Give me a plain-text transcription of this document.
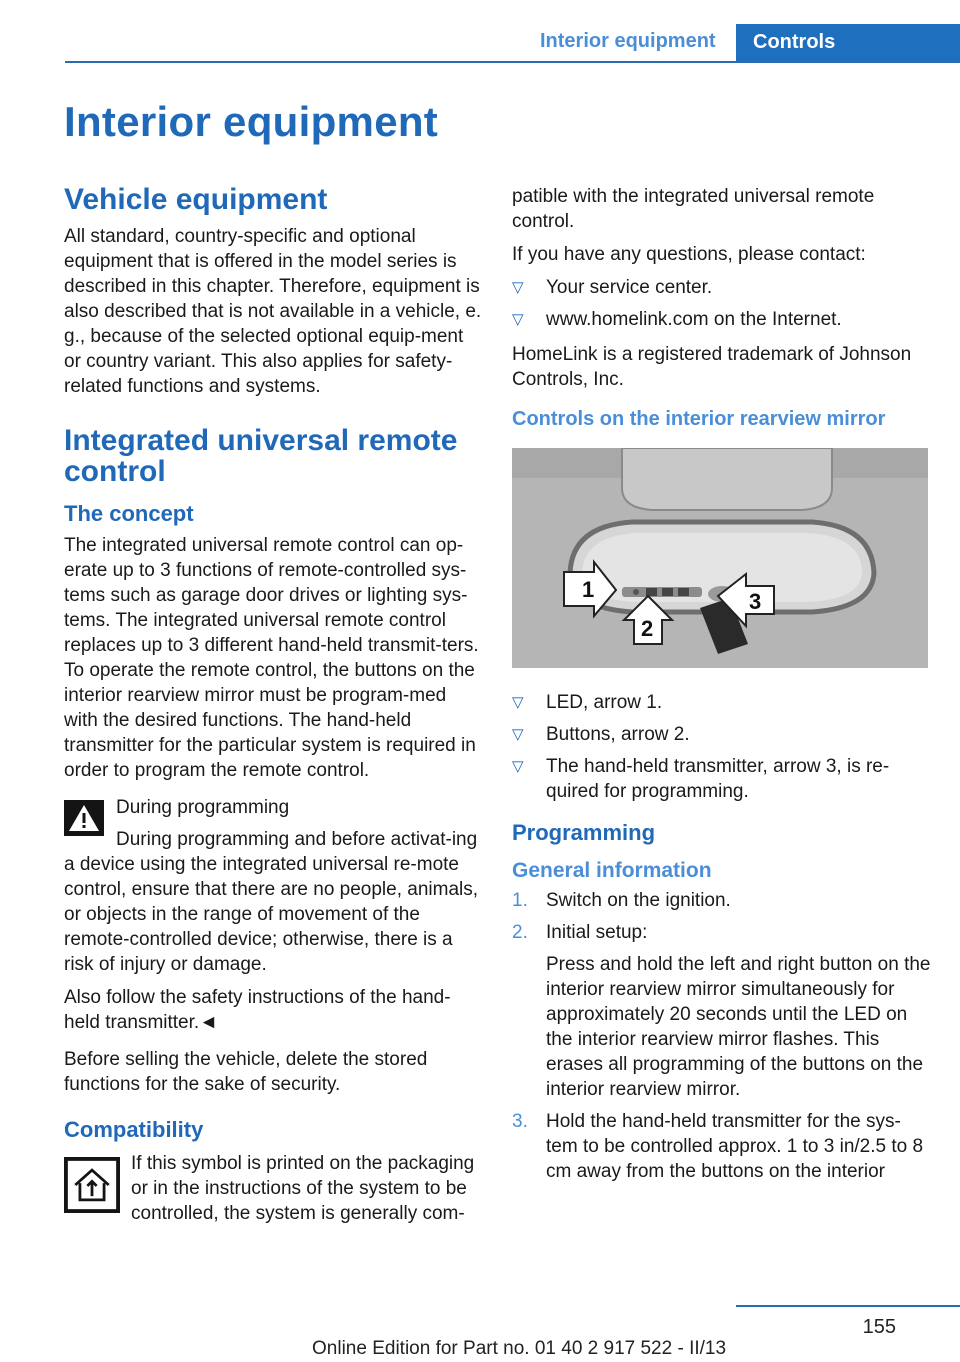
Interior equipment	Controls
Interior equipment
Vehicle equipment

All standard, country-specific and optional equipment that is offered in the model series is described in this chapter. Therefore, equipment is also described that is not available in a vehicle, e. g., because of the selected optional equip-ment or country variant. This also applies for safety-related functions and systems.

Integrated universal remote control
The concept

The integrated universal remote control can op-erate up to 3 functions of remote-controlled sys-tems such as garage door drives or lighting sys-tems. The integrated universal remote control replaces up to 3 different hand-held transmit-ters. To operate the remote control, the buttons on the interior rearview mirror must be program-med with the desired functions. The hand-held transmitter for the particular system is required in order to program the remote control.

During programming

During programming and before activat-ing a device using the integrated universal re-mote control, ensure that there are no people, animals, or objects in the range of movement of the remote-controlled device; otherwise, there is a risk of injury or damage.

Also follow the safety instructions of the hand-held transmitter.◄

Before selling the vehicle, delete the stored functions for the sake of security.

Compatibility

If this symbol is printed on the packaging or in the instructions of the system to be controlled, the system is generally com-

patible with the integrated universal remote control.

If you have any questions, please contact:

▽ Your service center.
▽ www.homelink.com on the Internet.

HomeLink is a registered trademark of Johnson Controls, Inc.

Controls on the interior rearview mirror
1
2
3
▽ LED, arrow 1.
▽ Buttons, arrow 2.
▽ The hand-held transmitter, arrow 3, is re-quired for programming.
Programming
General information
1. Switch on the ignition.
2. Initial setup:
Press and hold the left and right button on the interior rearview mirror simultaneously for approximately 20 seconds until the LED on the interior rearview mirror flashes. This erases all programming of the buttons on the interior rearview mirror.
3. Hold the hand-held transmitter for the sys-tem to be controlled approx. 1 to 3 in/2.5 to 8 cm away from the buttons on the interior
155
Online Edition for Part no. 01 40 2 917 522 - II/13
